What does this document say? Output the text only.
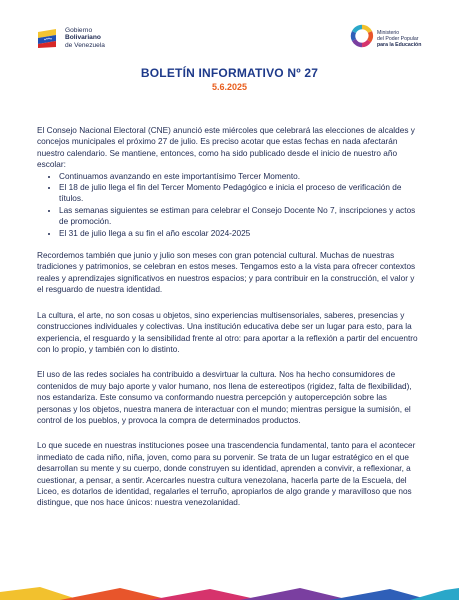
Gobierno
Bolivariano
de Venezuela
Ministerio
del Poder Popular
para la Educación
BOLETÍN INFORMATIVO Nº 27
5.6.2025

El Consejo Nacional Electoral (CNE) anunció este miércoles que celebrará las elecciones de alcaldes y concejos municipales el próximo 27 de julio. Es preciso acotar que estas fechas en nada afectarán nuestro calendario. Se mantiene, entonces, como ha sido publicado desde el inicio de nuestro año escolar:

• Continuamos avanzando en este importantísimo Tercer Momento.
• El 18 de julio llega el fin del Tercer Momento Pedagógico e inicia el proceso de verificación de títulos.
• Las semanas siguientes se estiman para celebrar el Consejo Docente No 7, inscripciones y actos de promoción.
• El 31 de julio llega a su fin el año escolar 2024-2025

Recordemos también que junio y julio son meses con gran potencial cultural. Muchas de nuestras tradiciones y patrimonios, se celebran en estos meses. Tengamos esto a la vista para ofrecer contextos reales y aprendizajes significativos en nuestros espacios; y para contribuir en la construcción, el valor y el resguardo de nuestra identidad.

La cultura, el arte, no son cosas u objetos, sino experiencias multisensoriales, saberes, presencias y construcciones individuales y colectivas. Una institución educativa debe ser un lugar para esto, para la experiencia, el resguardo y la sensibilidad frente al otro: para aportar a la reflexión a partir del encuentro con lo propio, y también con lo distinto.

El uso de las redes sociales ha contribuido a desvirtuar la cultura. Nos ha hecho consumidores de contenidos de muy bajo aporte y valor humano, nos llena de estereotipos (rigidez, falta de flexibilidad), nos estandariza. Este consumo va conformando nuestra percepción y autopercepción sobre las personas y los objetos, nuestra manera de interactuar con el mundo; mientras persigue la sumisión, el control de los pueblos, y provoca la compra de determinados productos.

Lo que sucede en nuestras instituciones posee una trascendencia fundamental, tanto para el acontecer inmediato de cada niño, niña, joven, como para su porvenir. Se trata de un lugar estratégico en el que desarrollan su mente y su cuerpo, donde construyen su identidad, aprenden a convivir, a reflexionar, a cuestionar, a pensar, a sentir. Acercarles nuestra cultura venezolana, hacerla parte de la Escuela, del Liceo, es dotarlos de identidad, regalarles el terruño, apropiarlos de algo grande y maravilloso que nos distingue, que nos hace únicos: nuestra venezolanidad.
